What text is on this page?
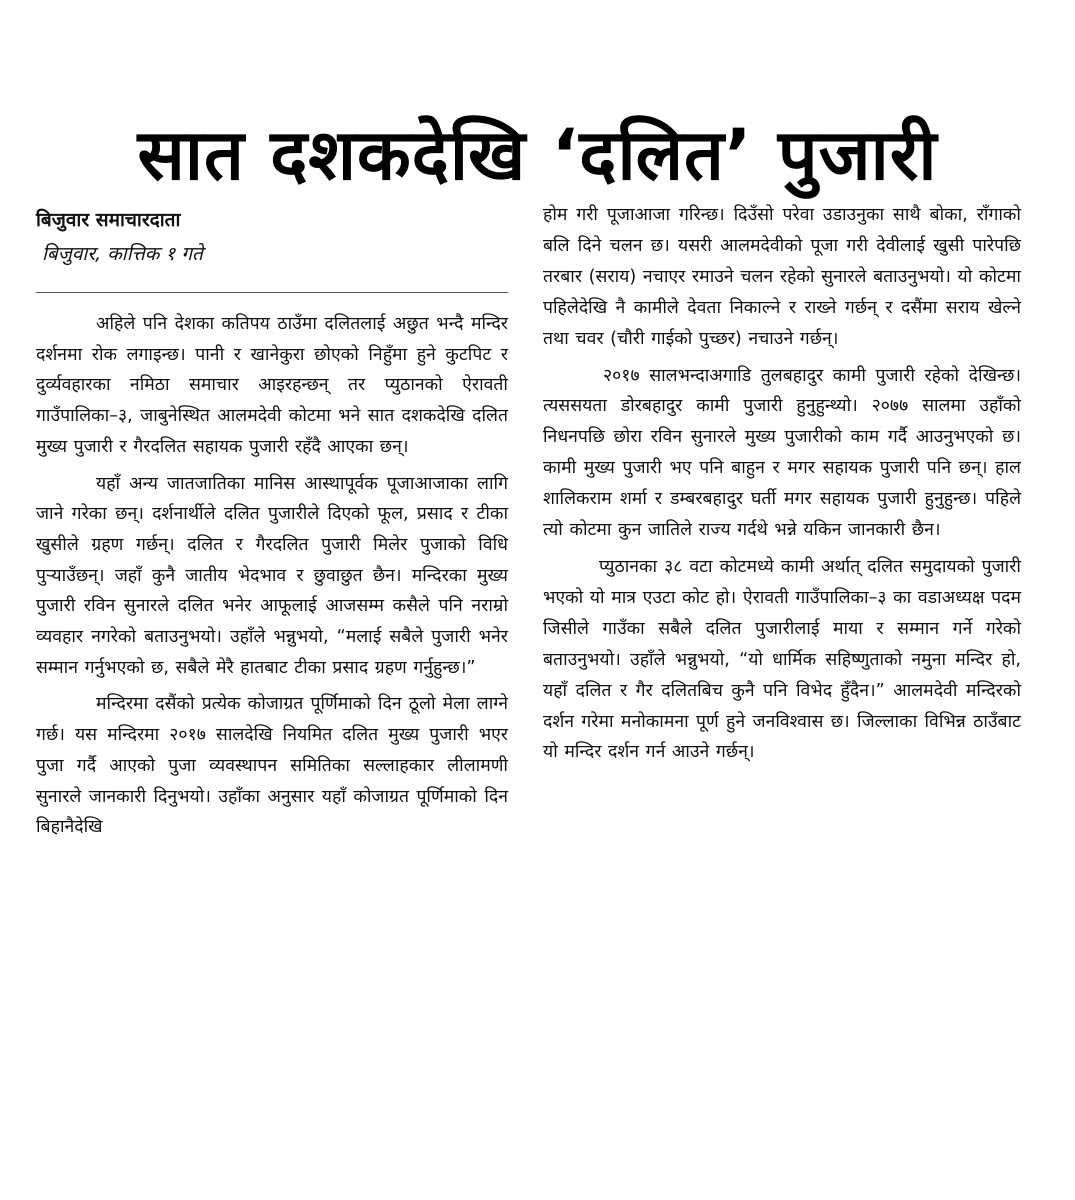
सात दशकदेखि ‘दलित’ पुजारी
बिजुवार समाचारदाता
बिजुवार, कात्तिक १ गते

अहिले पनि देशका कतिपय ठाउँमा दलितलाई अछुत भन्दै मन्दिर दर्शनमा रोक लगाइन्छ। पानी र खानेकुरा छोएको निहुँमा हुने कुटपिट र दुर्व्यवहारका नमिठा समाचार आइरहन्छन् तर प्युठानको ऐरावती गाउँपालिका–३, जाबुनेस्थित आलमदेवी कोटमा भने सात दशकदेखि दलित मुख्य पुजारी र गैरदलित सहायक पुजारी रहँदै आएका छन्।

यहाँ अन्य जातजातिका मानिस आस्थापूर्वक पूजाआजाका लागि जाने गरेका छन्। दर्शनार्थीले दलित पुजारीले दिएको फूल, प्रसाद र टीका खुसीले ग्रहण गर्छन्। दलित र गैरदलित पुजारी मिलेर पुजाको विधि पुऱ्याउँछन्। जहाँ कुनै जातीय भेदभाव र छुवाछुत छैन। मन्दिरका मुख्य पुजारी रविन सुनारले दलित भनेर आफूलाई आजसम्म कसैले पनि नराम्रो व्यवहार नगरेको बताउनुभयो। उहाँले भन्नुभयो, “मलाई सबैले पुजारी भनेर सम्मान गर्नुभएको छ, सबैले मेरै हातबाट टीका प्रसाद ग्रहण गर्नुहुन्छ।”

मन्दिरमा दसैंको प्रत्येक कोजाग्रत पूर्णिमाको दिन ठूलो मेला लाग्ने गर्छ। यस मन्दिरमा २०१७ सालदेखि नियमित दलित मुख्य पुजारी भएर पुजा गर्दै आएको पुजा व्यवस्थापन समितिका सल्लाहकार लीलामणी सुनारले जानकारी दिनुभयो। उहाँका अनुसार यहाँ कोजाग्रत पूर्णिमाको दिन बिहानैदेखि

होम गरी पूजाआजा गरिन्छ। दिउँसो परेवा उडाउनुका साथै बोका, राँगाको बलि दिने चलन छ। यसरी आलमदेवीको पूजा गरी देवीलाई खुसी पारेपछि तरबार (सराय) नचाएर रमाउने चलन रहेको सुनारले बताउनुभयो। यो कोटमा पहिलेदेखि नै कामीले देवता निकाल्ने र राख्ने गर्छन् र दसैंमा सराय खेल्ने तथा चवर (चौरी गाईको पुच्छर) नचाउने गर्छन्।

२०१७ सालभन्दाअगाडि तुलबहादुर कामी पुजारी रहेको देखिन्छ। त्यससयता डोरबहादुर कामी पुजारी हुनुहुन्थ्यो। २०७७ सालमा उहाँको निधनपछि छोरा रविन सुनारले मुख्य पुजारीको काम गर्दै आउनुभएको छ। कामी मुख्य पुजारी भए पनि बाहुन र मगर सहायक पुजारी पनि छन्। हाल शालिकराम शर्मा र डम्बरबहादुर घर्ती मगर सहायक पुजारी हुनुहुन्छ। पहिले त्यो कोटमा कुन जातिले राज्य गर्दथे भन्ने यकिन जानकारी छैन।

प्युठानका ३८ वटा कोटमध्ये कामी अर्थात् दलित समुदायको पुजारी भएको यो मात्र एउटा कोट हो। ऐरावती गाउँपालिका–३ का वडाअध्यक्ष पदम जिसीले गाउँका सबैले दलित पुजारीलाई माया र सम्मान गर्ने गरेको बताउनुभयो। उहाँले भन्नुभयो, “यो धार्मिक सहिष्णुताको नमुना मन्दिर हो, यहाँ दलित र गैर दलितबिच कुनै पनि विभेद हुँदैन।” आलमदेवी मन्दिरको दर्शन गरेमा मनोकामना पूर्ण हुने जनविश्वास छ। जिल्लाका विभिन्न ठाउँबाट यो मन्दिर दर्शन गर्न आउने गर्छन्।
